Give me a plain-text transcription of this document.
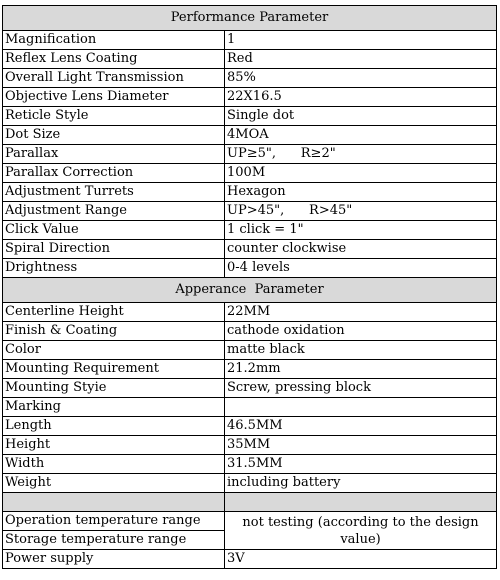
Performance Parameter	
Magnification	1
Reflex Lens Coating	Red
Overall Light Transmission	85%
Objective Lens Diameter	22X16.5
Reticle Style	Single dot
Dot Size	4MOA
Parallax	UP≥5",      R≥2"
Parallax Correction	100M
Adjustment Turrets	Hexagon
Adjustment Range	UP>45",      R>45"
Click Value	1 click = 1"
Spiral Direction	counter clockwise
Drightness	0-4 levels
Apperance  Parameter	
Centerline Height	22MM
Finish & Coating	cathode oxidation
Color	matte black
Mounting Requirement	21.2mm
Mounting Styie	Screw, pressing block
Marking	
Length	46.5MM
Height	35MM
Width	31.5MM
Weight	including battery

Operation temperature range	not testing (according to the design value)
Storage temperature range	
Power supply	3V
